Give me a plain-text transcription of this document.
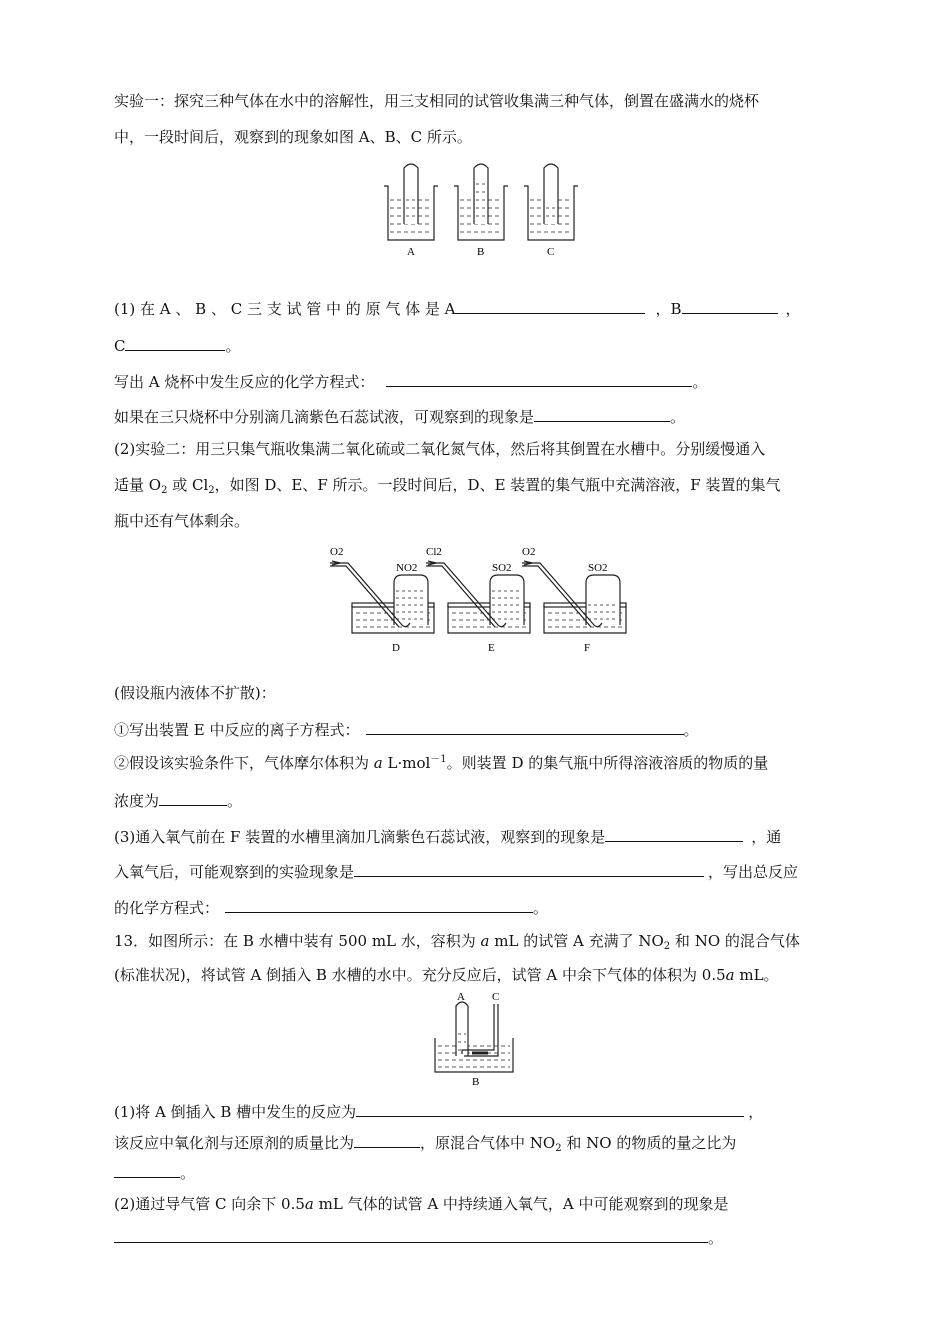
实验一：探究三种气体在水中的溶解性，用三支相同的试管收集满三种气体，倒置在盛满水的烧杯
中，一段时间后，观察到的现象如图 A、B、C 所示。
A	B	C
(1) 在 A 、 B 、 C 三 支 试 管 中 的 原 气 体 是 A	，B	，
C	。
写出 A 烧杯中发生反应的化学方程式：	。
如果在三只烧杯中分别滴几滴紫色石蕊试液，可观察到的现象是	。
(2)实验二：用三只集气瓶收集满二氧化硫或二氧化氮气体，然后将其倒置在水槽中。分别缓慢通入
适量 $O_2$ 或 $Cl_2$，如图 D、E、F 所示。一段时间后，D、E 装置的集气瓶中充满溶液，F 装置的集气
瓶中还有气体剩余。
O2	Cl2	O2
NO2	SO2	SO2
D	E	F
(假设瓶内液体不扩散)：
①写出装置 E 中反应的离子方程式：	。
②假设该实验条件下，气体摩尔体积为 a L·mol$^{-1}$。则装置 D 的集气瓶中所得溶液溶质的物质的量
浓度为	。
(3)通入氧气前在 F 装置的水槽里滴加几滴紫色石蕊试液，观察到的现象是	，通
入氧气后，可能观察到的实验现象是	，写出总反应
的化学方程式：	。
13．如图所示：在 B 水槽中装有 500 mL 水，容积为 a mL 的试管 A 充满了 $NO_2$ 和 NO 的混合气体
(标准状况)，将试管 A 倒插入 B 水槽的水中。充分反应后，试管 A 中余下气体的体积为 0.5a mL。
A C
B
(1)将 A 倒插入 B 槽中发生的反应为	，
该反应中氧化剂与还原剂的质量比为	，原混合气体中 $NO_2$ 和 NO 的物质的量之比为
。
(2)通过导气管 C 向余下 0.5a mL 气体的试管 A 中持续通入氧气，A 中可能观察到的现象是
。
